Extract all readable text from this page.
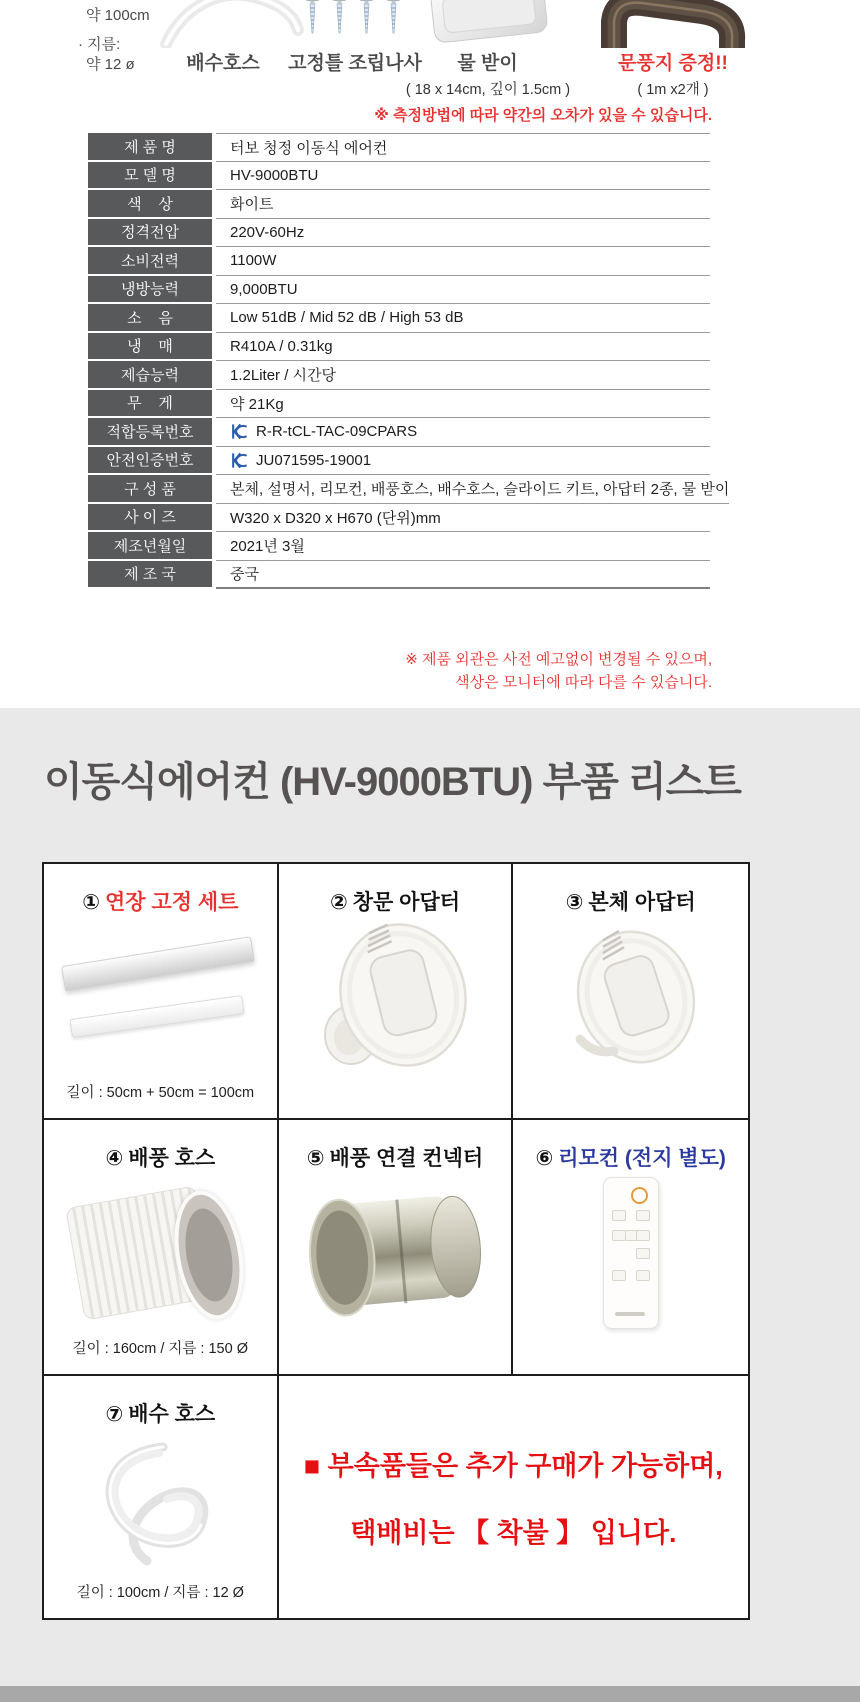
약 100cm

· 지름:

약 12 ø

	배수호스	고정틀 조립나사	물 받이
( 18 x 14cm, 깊이 1.5cm )
문풍지 증정!!
( 1m x2개 )
※ 측정방법에 따라 약간의 오차가 있을 수 있습니다.
제 품 명	터보 청정 이동식 에어컨
모 델 명	HV-9000BTU
색    상	화이트
정격전압	220V-60Hz
소비전력	1100W
냉방능력	9,000BTU
소    음	Low 51dB / Mid 52 dB / High 53 dB
냉    매	R410A / 0.31kg
제습능력	1.2Liter / 시간당
무    게	약 21Kg
적합등록번호	R-R-tCL-TAC-09CPARS
안전인증번호	JU071595-19001
구 성 품	본체, 설명서, 리모컨, 배풍호스, 배수호스, 슬라이드 키트, 아답터 2종, 물 받이
사 이 즈	W320 x D320 x H670 (단위)mm
제조년월일	2021년 3월
제 조 국	중국
※ 제품 외관은 사전 예고없이 변경될 수 있으며,
색상은 모니터에 따라 다를 수 있습니다.
이동식에어컨 (HV-9000BTU) 부품 리스트
① 연장 고정 세트
길이 : 50cm + 50cm = 100cm
② 창문 아답터	③ 본체 아답터
④ 배풍 호스
길이 : 160cm / 지름 : 150 Ø
⑤ 배풍 연결 컨넥터	⑥ 리모컨 (전지 별도)
⑦ 배수 호스
길이 : 100cm / 지름 : 12 Ø
■ 부속품들은 추가 구매가 가능하며,
택배비는 【 착불 】 입니다.
